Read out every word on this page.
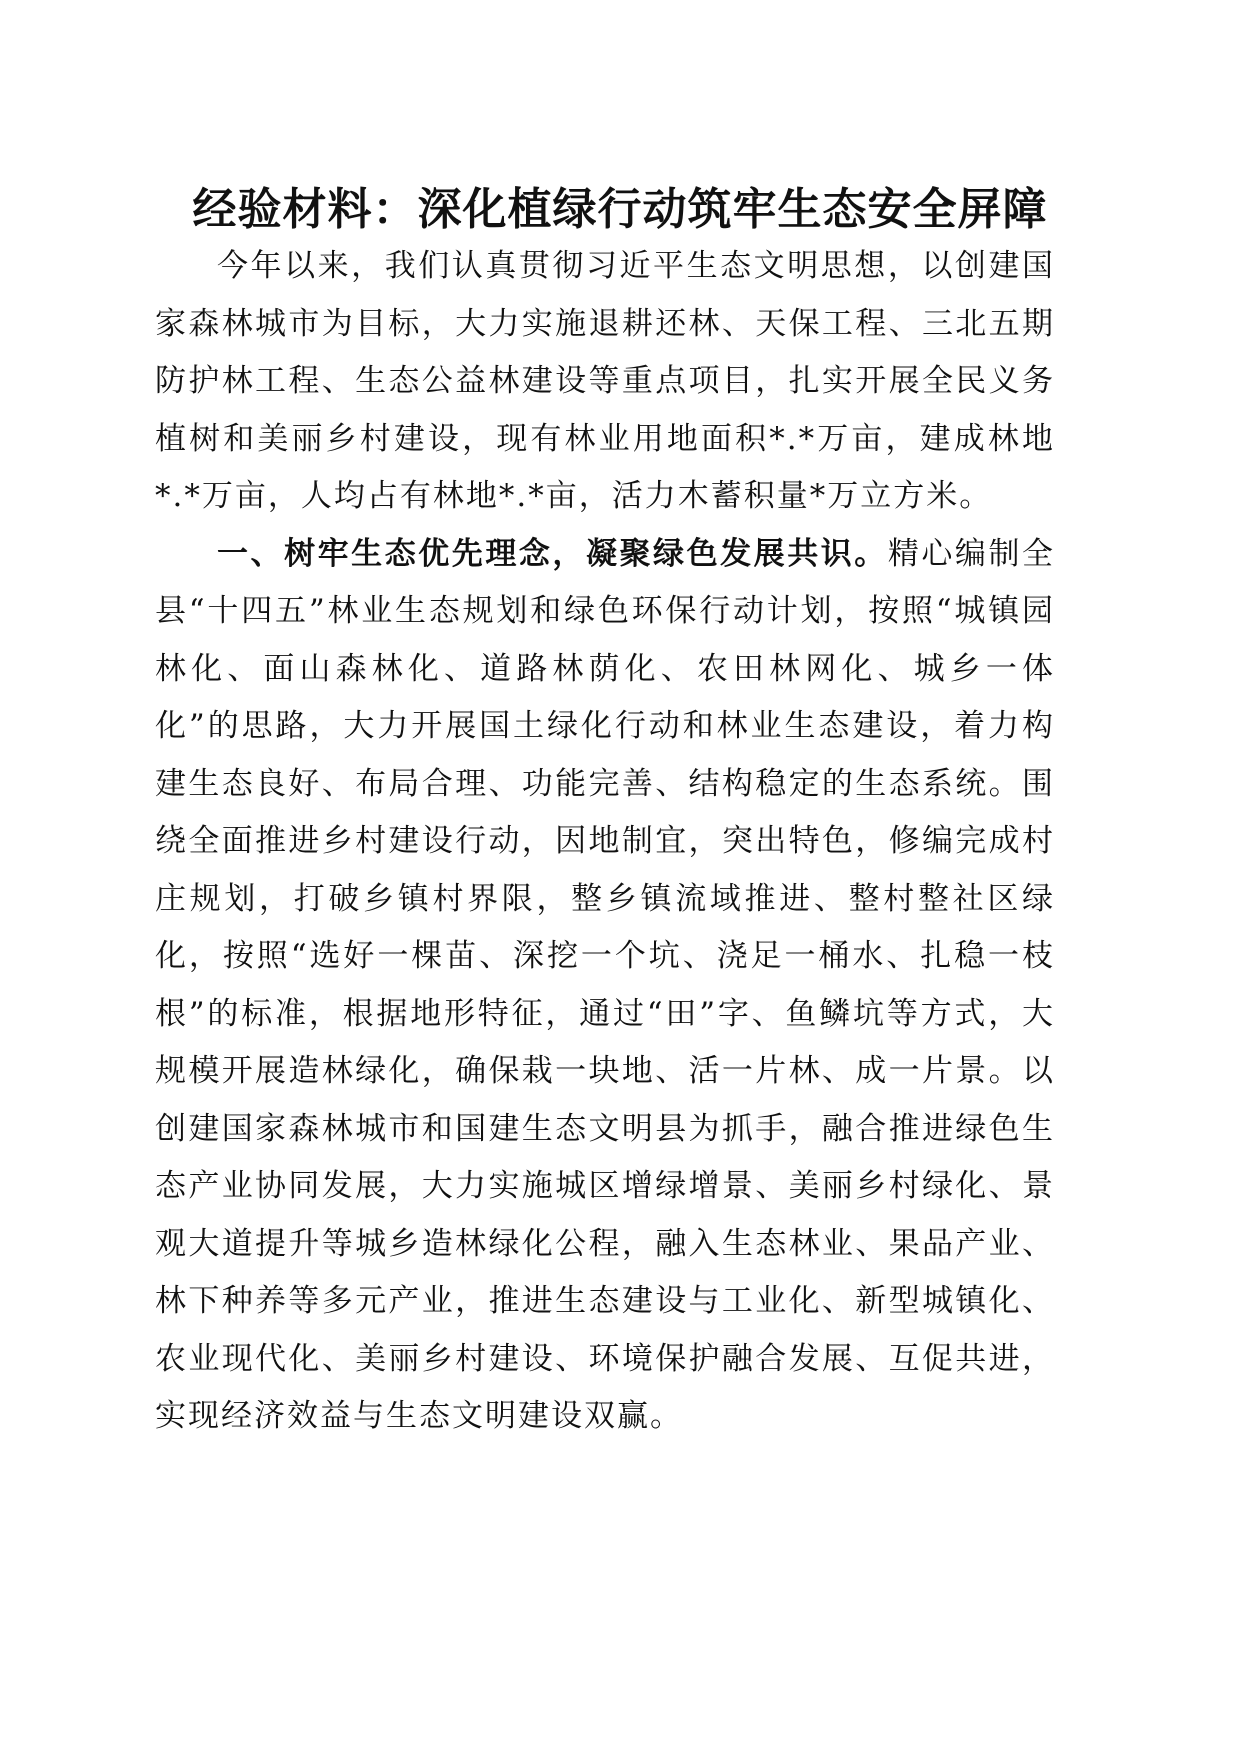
经验材料：深化植绿行动筑牢生态安全屏障

今年以来，我们认真贯彻习近平生态文明思想，以创建国家森林城市为目标，大力实施退耕还林、天保工程、三北五期防护林工程、生态公益林建设等重点项目，扎实开展全民义务植树和美丽乡村建设，现有林业用地面积*.*万亩，建成林地*.*万亩，人均占有林地*.*亩，活力木蓄积量*万立方米。

一、树牢生态优先理念，凝聚绿色发展共识。精心编制全县“十四五”林业生态规划和绿色环保行动计划，按照“城镇园林化、面山森林化、道路林荫化、农田林网化、城乡一体化”的思路，大力开展国土绿化行动和林业生态建设，着力构建生态良好、布局合理、功能完善、结构稳定的生态系统。围绕全面推进乡村建设行动，因地制宜，突出特色，修编完成村庄规划，打破乡镇村界限，整乡镇流域推进、整村整社区绿化，按照“选好一棵苗、深挖一个坑、浇足一桶水、扎稳一枝根”的标准，根据地形特征，通过“田”字、鱼鳞坑等方式，大规模开展造林绿化，确保栽一块地、活一片林、成一片景。以创建国家森林城市和国建生态文明县为抓手，融合推进绿色生态产业协同发展，大力实施城区增绿增景、美丽乡村绿化、景观大道提升等城乡造林绿化公程，融入生态林业、果品产业、林下种养等多元产业，推进生态建设与工业化、新型城镇化、农业现代化、美丽乡村建设、环境保护融合发展、互促共进，实现经济效益与生态文明建设双赢。
